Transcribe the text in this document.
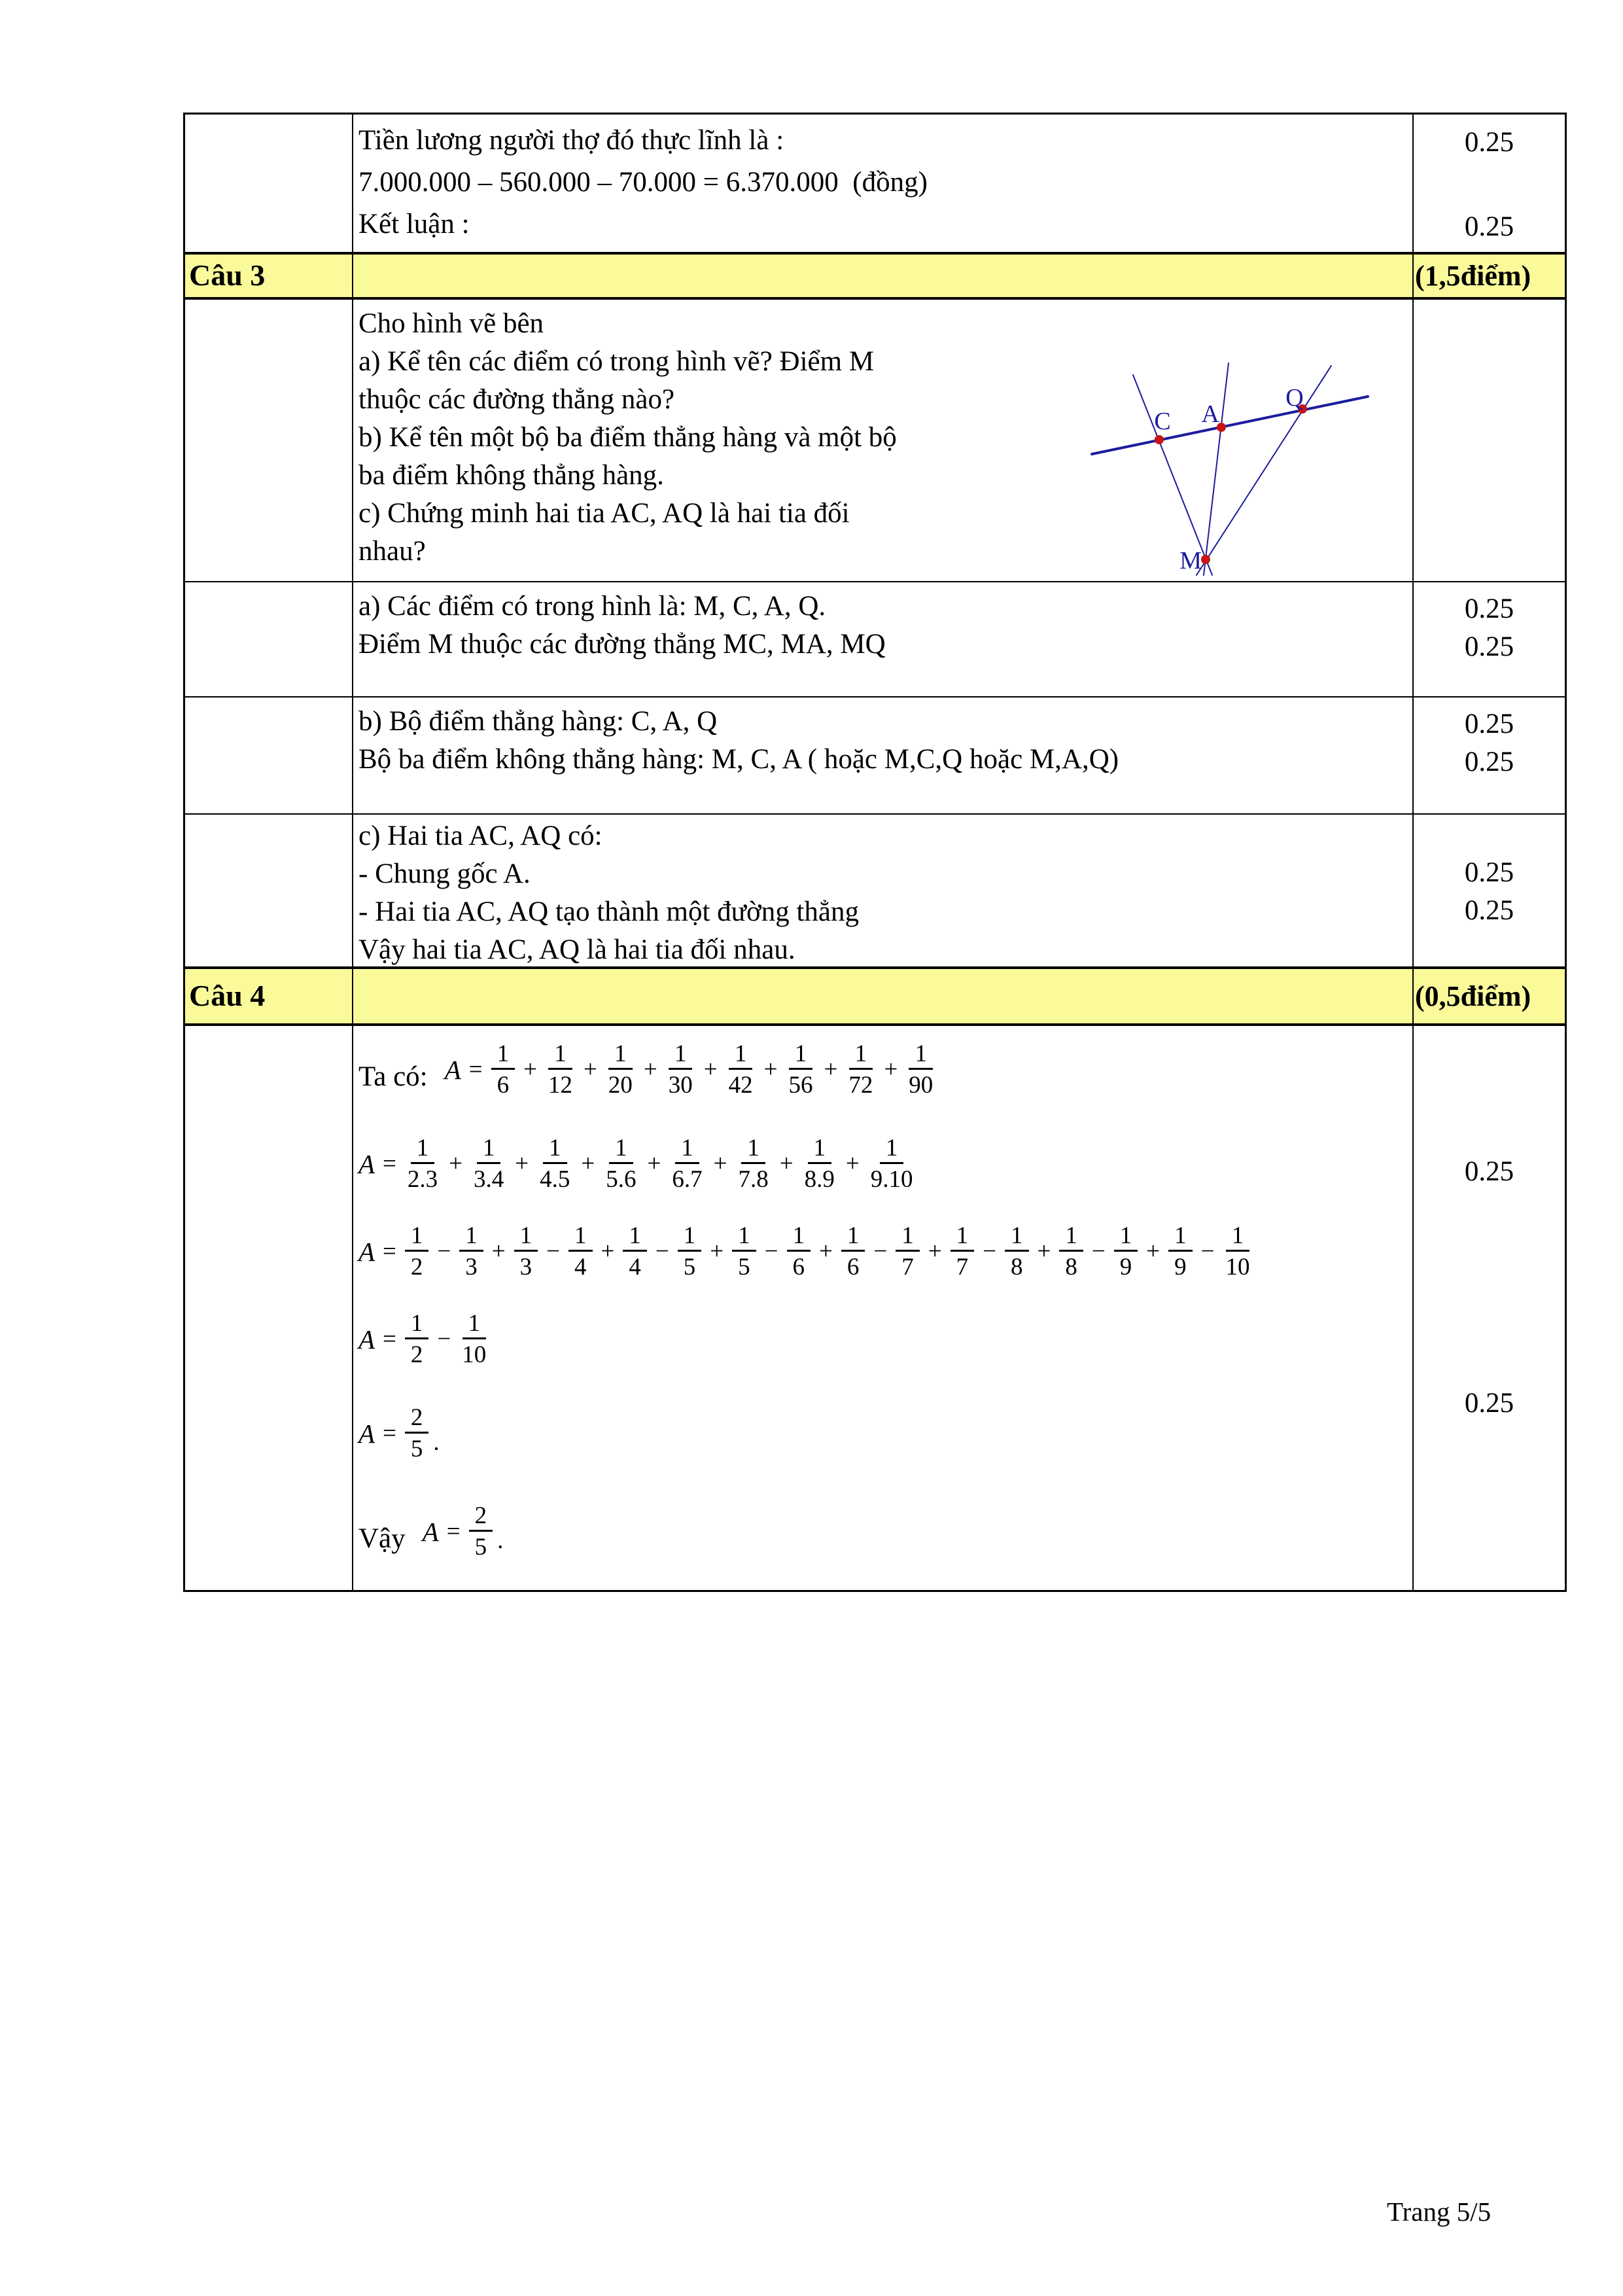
Tiền lương người thợ đó thực lĩnh là :
7.000.000 – 560.000 – 70.000 = 6.370.000  (đồng)
Kết luận :
0.25
0.25
Câu 3	(1,5điểm)
Cho hình vẽ bên
a) Kể tên các điểm có trong hình vẽ? Điểm M
thuộc các đường thẳng nào?
b) Kể tên một bộ ba điểm thẳng hàng và một bộ
ba điểm không thẳng hàng.
c) Chứng minh hai tia AC, AQ là hai tia đối
nhau?
C A
Q
M
a) Các điểm có trong hình là: M, C, A, Q.
Điểm M thuộc các đường thẳng MC, MA, MQ
0.25
0.25
b) Bộ điểm thẳng hàng: C, A, Q
Bộ ba điểm không thẳng hàng: M, C, A ( hoặc M,C,Q hoặc M,A,Q)
0.25
0.25
c) Hai tia AC, AQ có:
- Chung gốc A.
- Hai tia AC, AQ tạo thành một đường thẳng
Vậy hai tia AC, AQ là hai tia đối nhau.
0.25
0.25
Câu 4	(0,5điểm)
Ta có: $A = \frac{1}{6} + \frac{1}{12} + \frac{1}{20} + \frac{1}{30} + \frac{1}{42} + \frac{1}{56} + \frac{1}{72} + \frac{1}{90}$
$A = \frac{1}{2.3} + \frac{1}{3.4} + \frac{1}{4.5} + \frac{1}{5.6} + \frac{1}{6.7} + \frac{1}{7.8} + \frac{1}{8.9} + \frac{1}{9.10}$
$A = \frac{1}{2} - \frac{1}{3} + \frac{1}{3} - \frac{1}{4} + \frac{1}{4} - \frac{1}{5} + \frac{1}{5} - \frac{1}{6} + \frac{1}{6} - \frac{1}{7} + \frac{1}{7} - \frac{1}{8} + \frac{1}{8} - \frac{1}{9} + \frac{1}{9} - \frac{1}{10}$
$A = \frac{1}{2} - \frac{1}{10}$
$A = \frac{2}{5}$ .
Vậy $A = \frac{2}{5}$ .
0.25
0.25
Trang 5/5
